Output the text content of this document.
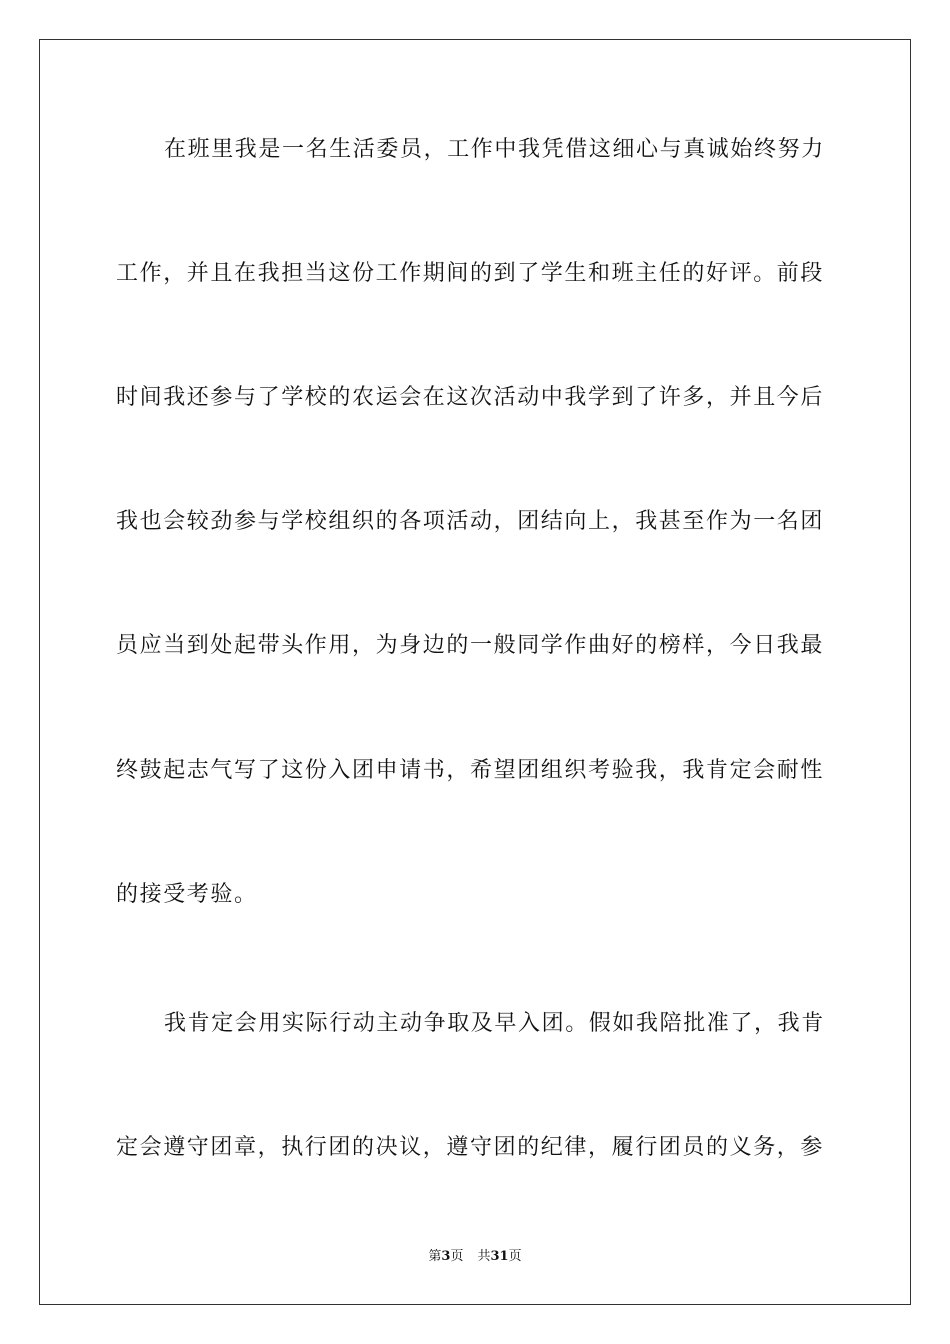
在班里我是一名生活委员，工作中我凭借这细心与真诚始终努力
工作，并且在我担当这份工作期间的到了学生和班主任的好评。前段
时间我还参与了学校的农运会在这次活动中我学到了许多，并且今后
我也会较劲参与学校组织的各项活动，团结向上，我甚至作为一名团
员应当到处起带头作用，为身边的一般同学作曲好的榜样，今日我最
终鼓起志气写了这份入团申请书，希望团组织考验我，我肯定会耐性
的接受考验。
我肯定会用实际行动主动争取及早入团。假如我陪批准了，我肯
定会遵守团章，执行团的决议，遵守团的纪律，履行团员的义务，参
第3页 共31页
